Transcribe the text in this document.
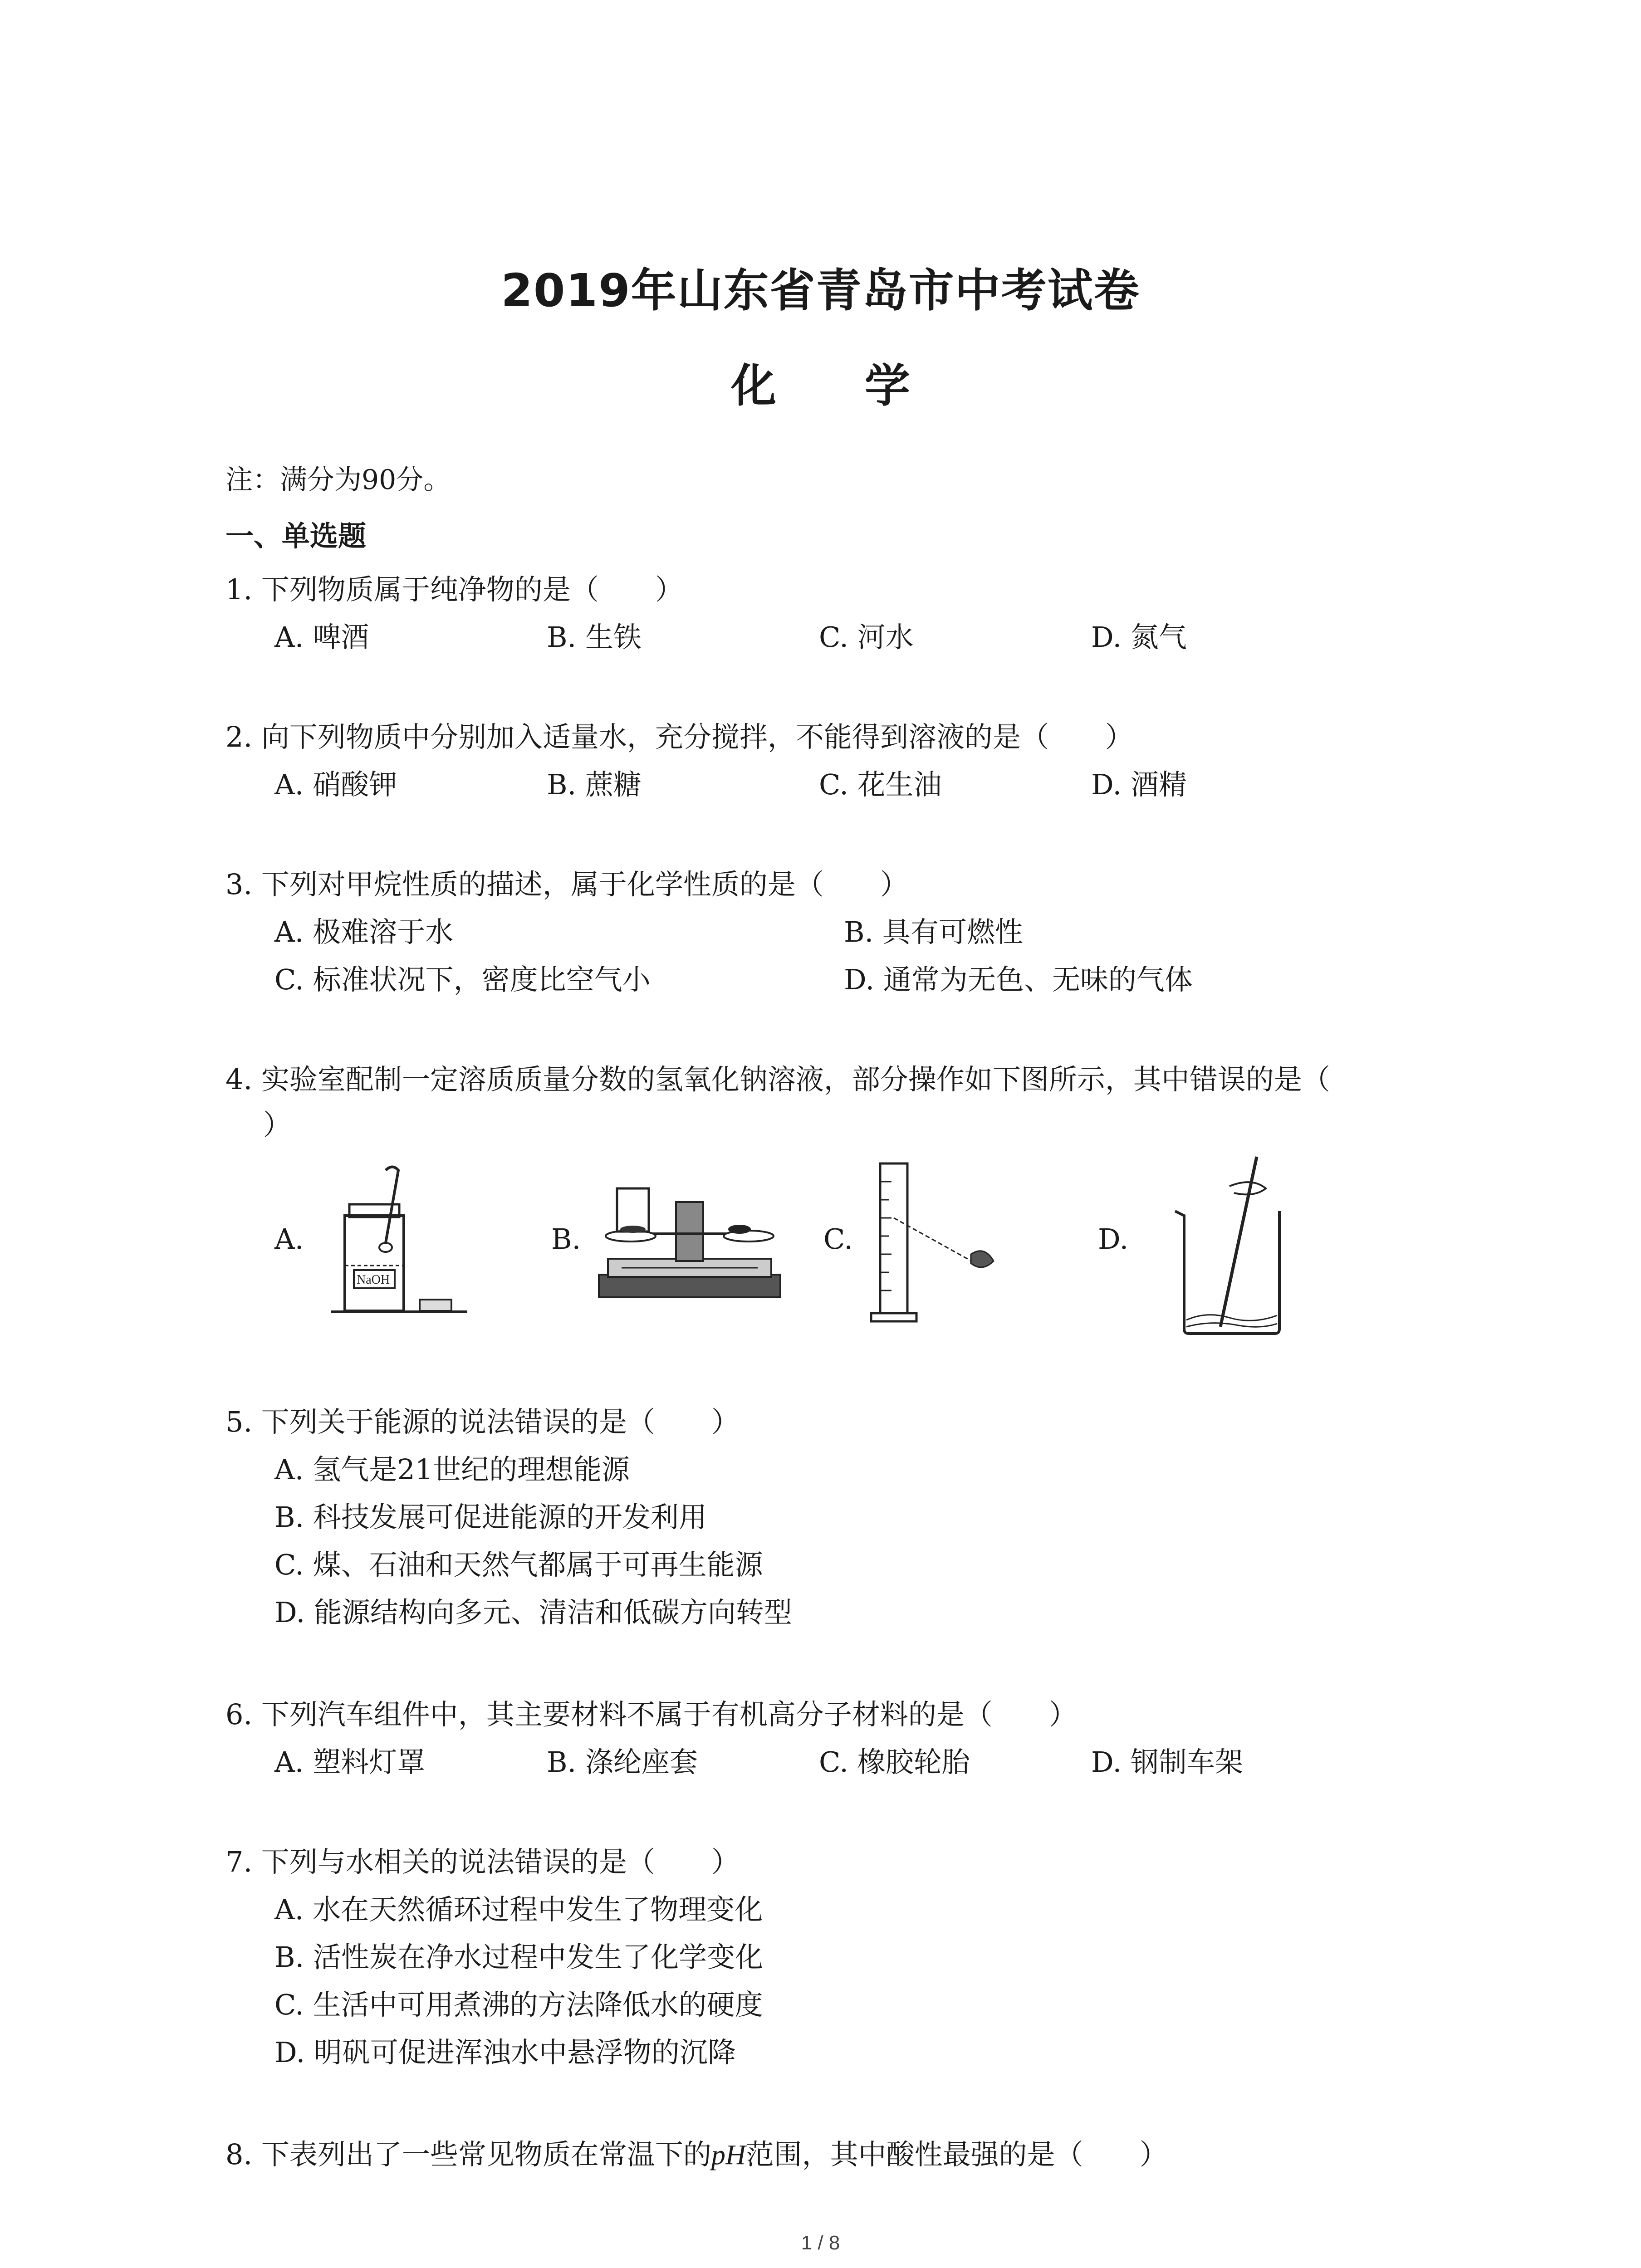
2019年山东省青岛市中考试卷
化 学
注：满分为90分。
一、单选题
1. 下列物质属于纯净物的是（　　）
A. 啤酒	B. 生铁	C. 河水	D. 氮气
2. 向下列物质中分别加入适量水，充分搅拌，不能得到溶液的是（　　）
A. 硝酸钾	B. 蔗糖	C. 花生油	D. 酒精
3. 下列对甲烷性质的描述，属于化学性质的是（　　）
A. 极难溶于水	B. 具有可燃性
C. 标准状况下，密度比空气小	D. 通常为无色、无味的气体
4. 实验室配制一定溶质质量分数的氢氧化钠溶液，部分操作如下图所示，其中错误的是（
）
A.	B.	C.	D.
NaOH
5. 下列关于能源的说法错误的是（　　）
A. 氢气是21世纪的理想能源
B. 科技发展可促进能源的开发利用
C. 煤、石油和天然气都属于可再生能源
D. 能源结构向多元、清洁和低碳方向转型
6. 下列汽车组件中，其主要材料不属于有机高分子材料的是（　　）
A. 塑料灯罩	B. 涤纶座套	C. 橡胶轮胎	D. 钢制车架
7. 下列与水相关的说法错误的是（　　）
A. 水在天然循环过程中发生了物理变化
B. 活性炭在净水过程中发生了化学变化
C. 生活中可用煮沸的方法降低水的硬度
D. 明矾可促进浑浊水中悬浮物的沉降
8. 下表列出了一些常见物质在常温下的pH范围，其中酸性最强的是（　　）
1 / 8
